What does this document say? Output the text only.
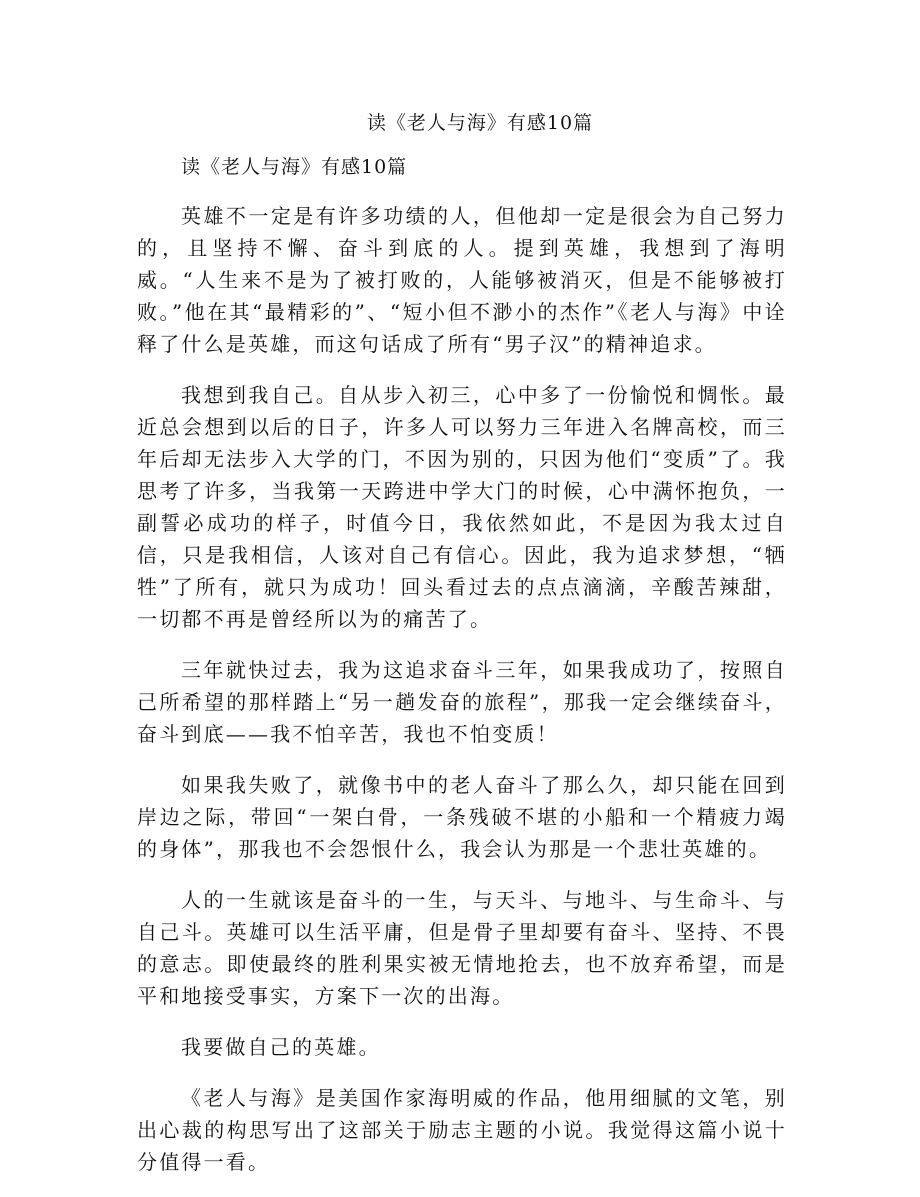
读《老人与海》有感10篇

读《老人与海》有感10篇

英雄不一定是有许多功绩的人，但他却一定是很会为自己努力的，且坚持不懈、奋斗到底的人。提到英雄，我想到了海明威。“人生来不是为了被打败的，人能够被消灭，但是不能够被打败。”他在其“最精彩的”、“短小但不渺小的杰作”《老人与海》中诠释了什么是英雄，而这句话成了所有“男子汉”的精神追求。

我想到我自己。自从步入初三，心中多了一份愉悦和惆怅。最近总会想到以后的日子，许多人可以努力三年进入名牌高校，而三年后却无法步入大学的门，不因为别的，只因为他们“变质”了。我思考了许多，当我第一天跨进中学大门的时候，心中满怀抱负，一副誓必成功的样子，时值今日，我依然如此，不是因为我太过自信，只是我相信，人该对自己有信心。因此，我为追求梦想，“牺牲”了所有，就只为成功！回头看过去的点点滴滴，辛酸苦辣甜，一切都不再是曾经所以为的痛苦了。

三年就快过去，我为这追求奋斗三年，如果我成功了，按照自己所希望的那样踏上“另一趟发奋的旅程”，那我一定会继续奋斗，奋斗到底——我不怕辛苦，我也不怕变质！

如果我失败了，就像书中的老人奋斗了那么久，却只能在回到岸边之际，带回“一架白骨，一条残破不堪的小船和一个精疲力竭的身体”，那我也不会怨恨什么，我会认为那是一个悲壮英雄的。

人的一生就该是奋斗的一生，与天斗、与地斗、与生命斗、与自己斗。英雄可以生活平庸，但是骨子里却要有奋斗、坚持、不畏的意志。即使最终的胜利果实被无情地抢去，也不放弃希望，而是平和地接受事实，方案下一次的出海。

我要做自己的英雄。

《老人与海》是美国作家海明威的作品，他用细腻的文笔，别出心裁的构思写出了这部关于励志主题的小说。我觉得这篇小说十分值得一看。
